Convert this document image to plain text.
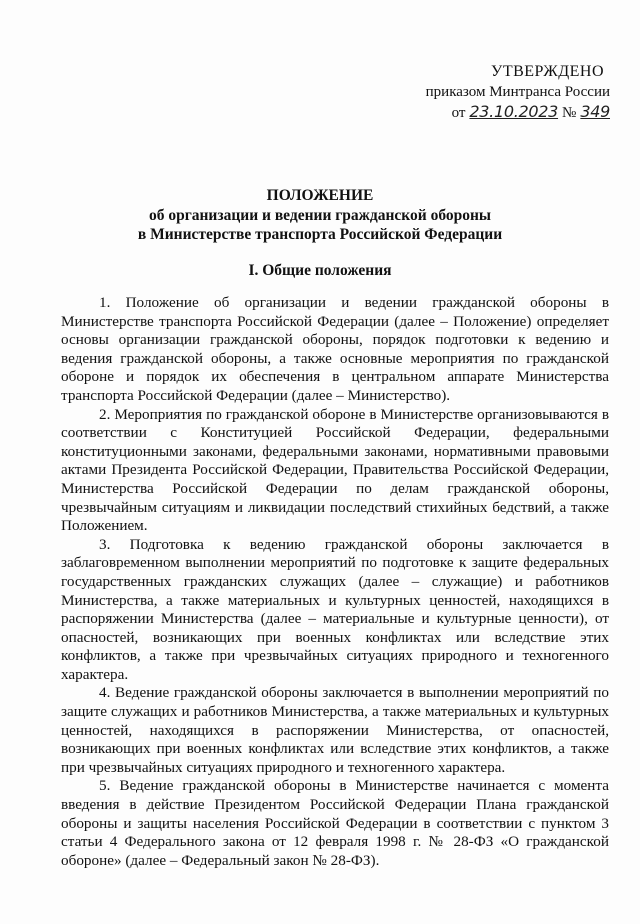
УТВЕРЖДЕНО
приказом Минтранса России
от 23.10.2023 № 349
ПОЛОЖЕНИЕ
об организации и ведении гражданской обороны
в Министерстве транспорта Российской Федерации
I. Общие положения

1. Положение об организации и ведении гражданской обороны в Министерстве транспорта Российской Федерации (далее – Положение) определяет основы организации гражданской обороны, порядок подготовки к ведению и ведения гражданской обороны, а также основные мероприятия по гражданской обороне и порядок их обеспечения в центральном аппарате Министерства транспорта Российской Федерации (далее – Министерство).

2. Мероприятия по гражданской обороне в Министерстве организовываются в соответствии с Конституцией Российской Федерации, федеральными конституционными законами, федеральными законами, нормативными правовыми актами Президента Российской Федерации, Правительства Российской Федерации, Министерства Российской Федерации по делам гражданской обороны, чрезвычайным ситуациям и ликвидации последствий стихийных бедствий, а также Положением.

3. Подготовка к ведению гражданской обороны заключается в заблаговременном выполнении мероприятий по подготовке к защите федеральных государственных гражданских служащих (далее – служащие) и работников Министерства, а также материальных и культурных ценностей, находящихся в распоряжении Министерства (далее – материальные и культурные ценности), от опасностей, возникающих при военных конфликтах или вследствие этих конфликтов, а также при чрезвычайных ситуациях природного и техногенного характера.

4. Ведение гражданской обороны заключается в выполнении мероприятий по защите служащих и работников Министерства, а также материальных и культурных ценностей, находящихся в распоряжении Министерства, от опасностей, возникающих при военных конфликтах или вследствие этих конфликтов, а также при чрезвычайных ситуациях природного и техногенного характера.

5. Ведение гражданской обороны в Министерстве начинается с момента введения в действие Президентом Российской Федерации Плана гражданской обороны и защиты населения Российской Федерации в соответствии с пунктом 3 статьи 4 Федерального закона от 12 февраля 1998 г. № 28-ФЗ «О гражданской обороне» (далее – Федеральный закон № 28-ФЗ).
